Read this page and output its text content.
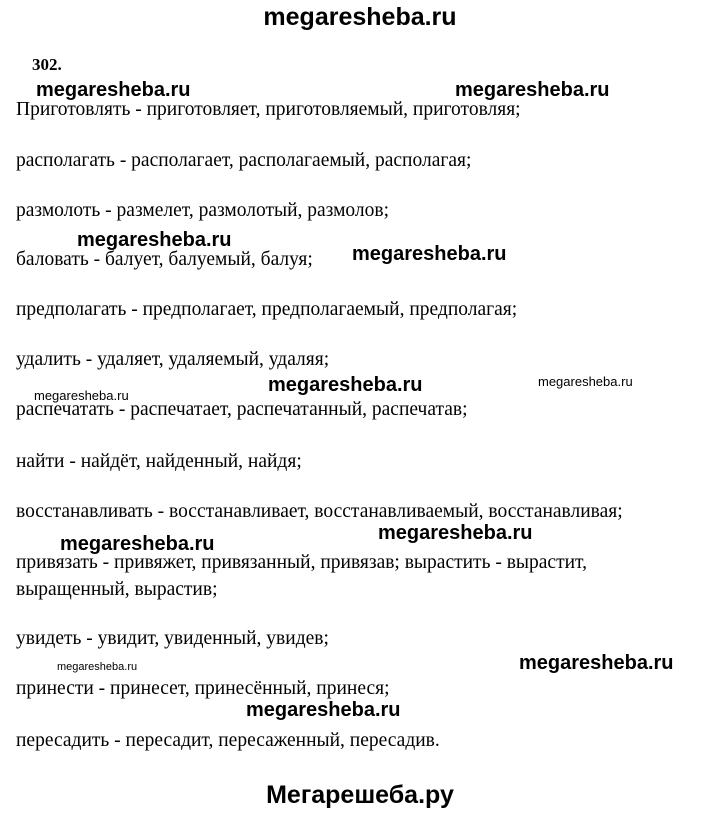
megaresheba.ru
302.
Приготовлять - приготовляет, приготовляемый, приготовляя;
располагать - располагает, располагаемый, располагая;
размолоть - размелет, размолотый, размолов;
баловать - балует, балуемый, балуя;
предполагать - предполагает, предполагаемый, предполагая;
удалить - удаляет, удаляемый, удаляя;
распечатать - распечатает, распечатанный, распечатав;
найти - найдёт, найденный, найдя;
восстанавливать - восстанавливает, восстанавливаемый, восстанавливая;
привязать - привяжет, привязанный, привязав; вырастить - вырастит,
выращенный, вырастив;
увидеть - увидит, увиденный, увидев;
принести - принесет, принесённый, принеся;
пересадить - пересадит, пересаженный, пересадив.
megaresheba.ru	megaresheba.ru
megaresheba.ru
megaresheba.ru
megaresheba.ru	megaresheba.ru	megaresheba.ru
megaresheba.ru
megaresheba.ru
megaresheba.ru	megaresheba.ru
megaresheba.ru
Мегарешеба.ру
